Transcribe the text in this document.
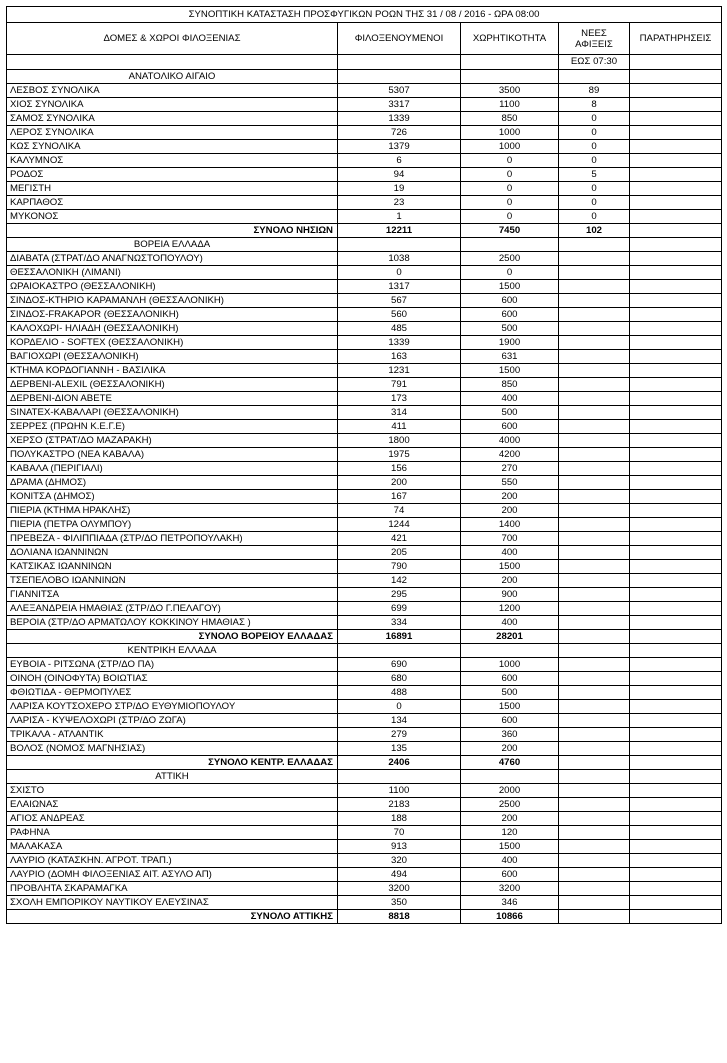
ΣΥΝΟΠΤΙΚΗ ΚΑΤΑΣΤΑΣΗ ΠΡΟΣΦΥΓΙΚΩΝ ΡΟΩΝ ΤΗΣ 31 / 08 / 2016 - ΩΡΑ 08:00				
ΔΟΜΕΣ & ΧΩΡΟΙ ΦΙΛΟΞΕΝΙΑΣ	ΦΙΛΟΞΕΝΟΥΜΕΝΟΙ	ΧΩΡΗΤΙΚΟΤΗΤΑ	ΝΕΕΣ ΑΦΙΞΕΙΣ	ΠΑΡΑΤΗΡΗΣΕΙΣ
			ΕΩΣ 07:30	
ΑΝΑΤΟΛΙΚΟ ΑΙΓΑΙΟ				
ΛΕΣΒΟΣ ΣΥΝΟΛΙΚΑ	5307	3500	89	
ΧΙΟΣ ΣΥΝΟΛΙΚΑ	3317	1100	8	
ΣΑΜΟΣ ΣΥΝΟΛΙΚΑ	1339	850	0	
ΛΕΡΟΣ ΣΥΝΟΛΙΚΑ	726	1000	0	
ΚΩΣ ΣΥΝΟΛΙΚΑ	1379	1000	0	
ΚΑΛΥΜΝΟΣ	6	0	0	
ΡΟΔΟΣ	94	0	5	
ΜΕΓΙΣΤΗ	19	0	0	
ΚΑΡΠΑΘΟΣ	23	0	0	
ΜΥΚΟΝΟΣ	1	0	0	
ΣΥΝΟΛΟ ΝΗΣΙΩΝ	12211	7450	102	
ΒΟΡΕΙΑ ΕΛΛΑΔΑ				
ΔΙΑΒΑΤΑ (ΣΤΡΑΤ/ΔΟ ΑΝΑΓΝΩΣΤΟΠΟΥΛΟΥ)	1038	2500		
ΘΕΣΣΑΛΟΝΙΚΗ (ΛΙΜΑΝΙ)	0	0		
ΩΡΑΙΟΚΑΣΤΡΟ (ΘΕΣΣΑΛΟΝΙΚΗ)	1317	1500		
ΣΙΝΔΟΣ-ΚΤΗΡΙΟ ΚΑΡΑΜΑΝΛΗ (ΘΕΣΣΑΛΟΝΙΚΗ)	567	600		
ΣΙΝΔΟΣ-FRAKAPOR (ΘΕΣΣΑΛΟΝΙΚΗ)	560	600		
ΚΑΛΟΧΩΡΙ- ΗΛΙΑΔΗ (ΘΕΣΣΑΛΟΝΙΚΗ)	485	500		
ΚΟΡΔΕΛΙΟ - SOFTEX (ΘΕΣΣΑΛΟΝΙΚΗ)	1339	1900		
ΒΑΓΙΟΧΩΡΙ (ΘΕΣΣΑΛΟΝΙΚΗ)	163	631		
ΚΤΗΜΑ ΚΟΡΔΟΓΙΑΝΝΗ - ΒΑΣΙΛΙΚΑ	1231	1500		
ΔΕΡΒΕΝΙ-ALEXIL (ΘΕΣΣΑΛΟΝΙΚΗ)	791	850		
ΔΕΡΒΕΝΙ-ΔΙΟΝ ΑΒΕΤΕ	173	400		
SINATEX-ΚΑΒΑΛΑΡΙ (ΘΕΣΣΑΛΟΝΙΚΗ)	314	500		
ΣΕΡΡΕΣ (ΠΡΩΗΝ Κ.Ε.Γ.Ε)	411	600		
ΧΕΡΣΟ (ΣΤΡΑΤ/ΔΟ ΜΑΖΑΡΑΚΗ)	1800	4000		
ΠΟΛΥΚΑΣΤΡΟ (ΝΕΑ ΚΑΒΑΛΑ)	1975	4200		
ΚΑΒΑΛΑ (ΠΕΡΙΓΙΑΛΙ)	156	270		
ΔΡΑΜΑ (ΔΗΜΟΣ)	200	550		
ΚΟΝΙΤΣΑ (ΔΗΜΟΣ)	167	200		
ΠΙΕΡΙΑ (ΚΤΗΜΑ ΗΡΑΚΛΗΣ)	74	200		
ΠΙΕΡΙΑ (ΠΕΤΡΑ ΟΛΥΜΠΟΥ)	1244	1400		
ΠΡΕΒΕΖΑ - ΦΙΛΙΠΠΙΑΔΑ (ΣΤΡ/ΔΟ ΠΕΤΡΟΠΟΥΛΑΚΗ)	421	700		
ΔΟΛΙΑΝΑ ΙΩΑΝΝΙΝΩΝ	205	400		
ΚΑΤΣΙΚΑΣ ΙΩΑΝΝΙΝΩΝ	790	1500		
ΤΣΕΠΕΛΟΒΟ ΙΩΑΝΝΙΝΩΝ	142	200		
ΓΙΑΝΝΙΤΣΑ	295	900		
ΑΛΕΞΑΝΔΡΕΙΑ ΗΜΑΘΙΑΣ (ΣΤΡ/ΔΟ Γ.ΠΕΛΑΓΟΥ)	699	1200		
ΒΕΡΟΙΑ (ΣΤΡ/ΔΟ ΑΡΜΑΤΩΛΟΥ ΚΟΚΚΙΝΟΥ ΗΜΑΘΙΑΣ )	334	400		
ΣΥΝΟΛΟ ΒΟΡΕΙΟΥ ΕΛΛΑΔΑΣ	16891	28201		
ΚΕΝΤΡΙΚΗ ΕΛΛΑΔΑ				
ΕΥΒΟΙΑ - ΡΙΤΣΩΝΑ (ΣΤΡ/ΔΟ ΠΑ)	690	1000		
ΟΙΝΟΗ (ΟΙΝΟΦΥΤΑ) ΒΟΙΩΤΙΑΣ	680	600		
ΦΘΙΩΤΙΔΑ - ΘΕΡΜΟΠΥΛΕΣ	488	500		
ΛΑΡΙΣΑ ΚΟΥΤΣΟΧΕΡΟ ΣΤΡ/ΔΟ ΕΥΘΥΜΙΟΠΟΥΛΟΥ	0	1500		
ΛΑΡΙΣΑ - ΚΥΨΕΛΟΧΩΡΙ (ΣΤΡ/ΔΟ ΖΩΓΑ)	134	600		
ΤΡΙΚΑΛΑ - ΑΤΛΑΝΤΙΚ	279	360		
ΒΟΛΟΣ (ΝΟΜΟΣ ΜΑΓΝΗΣΙΑΣ)	135	200		
ΣΥΝΟΛΟ ΚΕΝΤΡ. ΕΛΛΑΔΑΣ	2406	4760		
ΑΤΤΙΚΗ				
ΣΧΙΣΤΟ	1100	2000		
ΕΛΑΙΩΝΑΣ	2183	2500		
ΑΓΙΟΣ ΑΝΔΡΕΑΣ	188	200		
ΡΑΦΗΝΑ	70	120		
ΜΑΛΑΚΑΣΑ	913	1500		
ΛΑΥΡΙΟ (ΚΑΤΑΣΚΗΝ. ΑΓΡΟΤ. ΤΡΑΠ.)	320	400		
ΛΑΥΡΙΟ (ΔΟΜΗ ΦΙΛΟΞΕΝΙΑΣ ΑΙΤ. ΑΣΥΛΟ ΑΠ)	494	600		
ΠΡΟΒΛΗΤΑ ΣΚΑΡΑΜΑΓΚΑ	3200	3200		
ΣΧΟΛΗ ΕΜΠΟΡΙΚΟΥ ΝΑΥΤΙΚΟΥ ΕΛΕΥΣΙΝΑΣ	350	346		
ΣΥΝΟΛΟ ΑΤΤΙΚΗΣ	8818	10866		
